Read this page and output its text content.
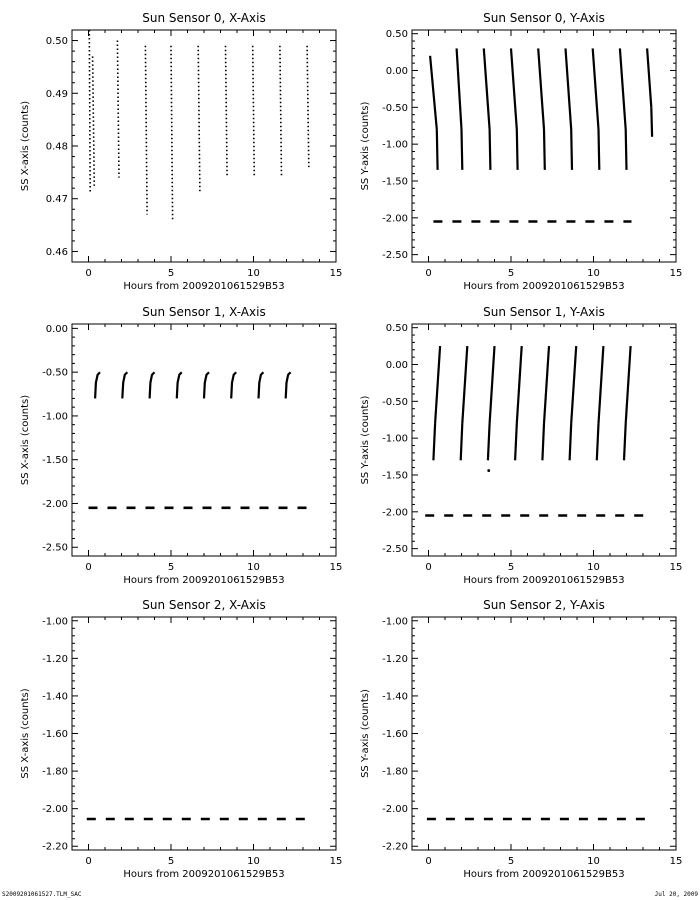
Sun Sensor 0, X-Axis
0	5	10	15
0.46
0.47
0.48
0.49
0.50
Hours from 2009201061529B53
SS X-axis (counts)
Sun Sensor 0, Y-Axis
0	5	10	15
0.50
0.00
-0.50
-1.00
-1.50
-2.00
-2.50
Hours from 2009201061529B53
SS Y-axis (counts)
Sun Sensor 1, X-Axis
0	5	10	15
0.00
-0.50
-1.00
-1.50
-2.00
-2.50
Hours from 2009201061529B53
SS X-axis (counts)
Sun Sensor 1, Y-Axis
0	5	10	15
0.50
0.00
-0.50
-1.00
-1.50
-2.00
-2.50
Hours from 2009201061529B53
SS Y-axis (counts)
Sun Sensor 2, X-Axis
0	5	10	15
-1.00
-1.20
-1.40
-1.60
-1.80
-2.00
-2.20
Hours from 2009201061529B53
SS X-axis (counts)
Sun Sensor 2, Y-Axis
0	5	10	15
-1.00
-1.20
-1.40
-1.60
-1.80
-2.00
-2.20
Hours from 2009201061529B53
SS Y-axis (counts)
S2009201061527.TLM_SAC	Jul 20, 2009
